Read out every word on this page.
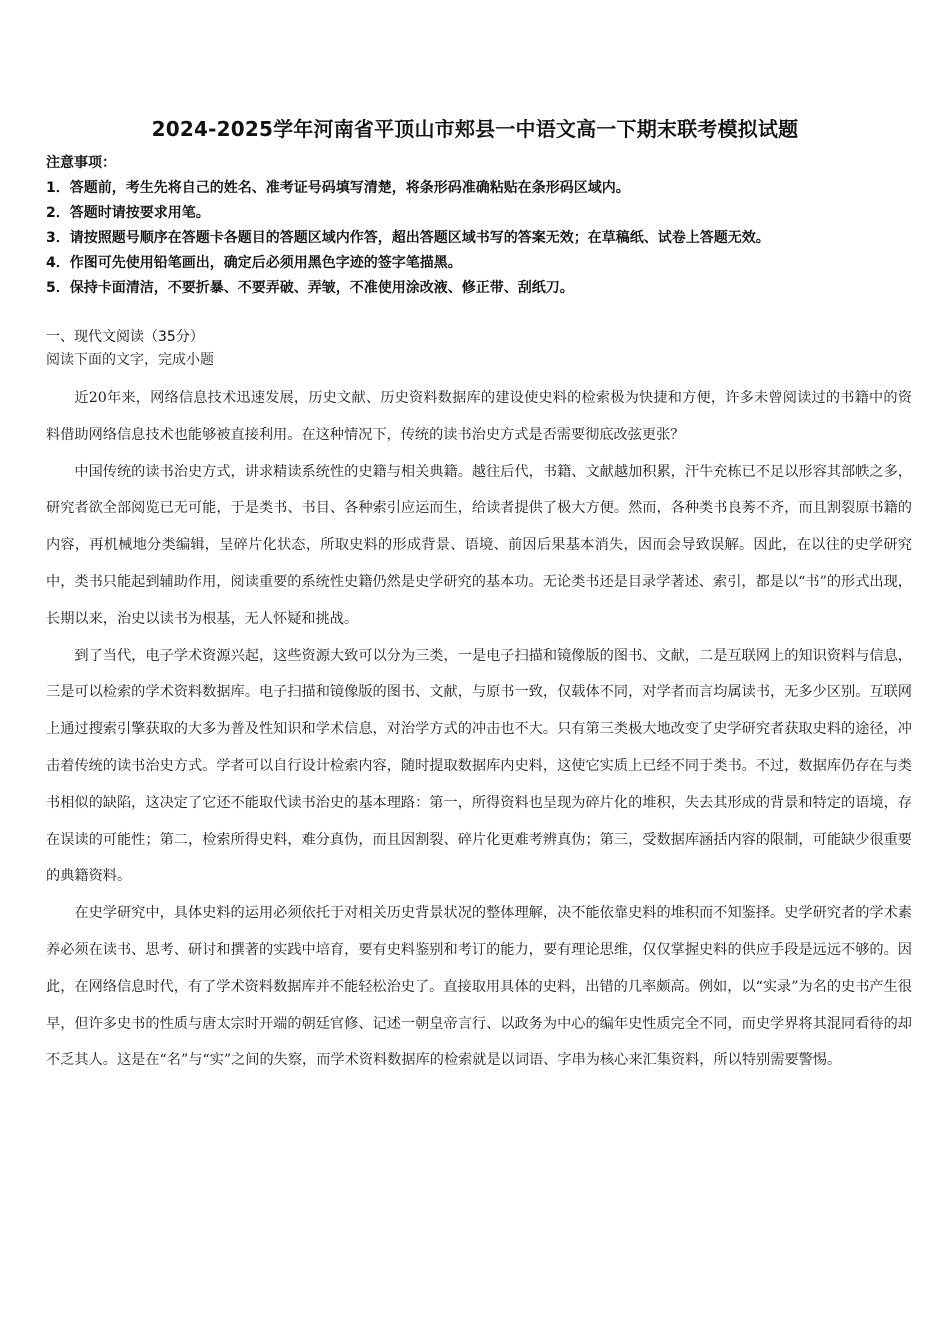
2024-2025学年河南省平顶山市郏县一中语文高一下期末联考模拟试题
注意事项：
1．答题前，考生先将自己的姓名、准考证号码填写清楚，将条形码准确粘贴在条形码区域内。
2．答题时请按要求用笔。
3．请按照题号顺序在答题卡各题目的答题区域内作答，超出答题区域书写的答案无效；在草稿纸、试卷上答题无效。
4．作图可先使用铅笔画出，确定后必须用黑色字迹的签字笔描黑。
5．保持卡面清洁，不要折暴、不要弄破、弄皱，不准使用涂改液、修正带、刮纸刀。
一、现代文阅读（35分）
阅读下面的文字，完成小题

近20年来，网络信息技术迅速发展，历史文献、历史资料数据库的建设使史料的检索极为快捷和方便，许多未曾阅读过的书籍中的资料借助网络信息技术也能够被直接利用。在这种情况下，传统的读书治史方式是否需要彻底改弦更张？

中国传统的读书治史方式，讲求精读系统性的史籍与相关典籍。越往后代，书籍、文献越加积累，汗牛充栋已不足以形容其部帙之多，研究者欲全部阅览已无可能，于是类书、书目、各种索引应运而生，给读者提供了极大方便。然而，各种类书良莠不齐，而且割裂原书籍的内容，再机械地分类编辑，呈碎片化状态，所取史料的形成背景、语境、前因后果基本消失，因而会导致误解。因此，在以往的史学研究中，类书只能起到辅助作用，阅读重要的系统性史籍仍然是史学研究的基本功。无论类书还是目录学著述、索引，都是以“书”的形式出现，长期以来，治史以读书为根基，无人怀疑和挑战。

到了当代，电子学术资源兴起，这些资源大致可以分为三类，一是电子扫描和镜像版的图书、文献，二是互联网上的知识资料与信息，三是可以检索的学术资料数据库。电子扫描和镜像版的图书、文献，与原书一致，仅载体不同，对学者而言均属读书，无多少区别。互联网上通过搜索引擎获取的大多为普及性知识和学术信息，对治学方式的冲击也不大。只有第三类极大地改变了史学研究者获取史料的途径，冲击着传统的读书治史方式。学者可以自行设计检索内容，随时提取数据库内史料，这使它实质上已经不同于类书。不过，数据库仍存在与类书相似的缺陷，这决定了它还不能取代读书治史的基本理路：第一，所得资料也呈现为碎片化的堆积，失去其形成的背景和特定的语境，存在误读的可能性；第二，检索所得史料，难分真伪，而且因割裂、碎片化更难考辨真伪；第三，受数据库涵括内容的限制，可能缺少很重要的典籍资料。

在史学研究中，具体史料的运用必须依托于对相关历史背景状况的整体理解，决不能依靠史料的堆积而不知鉴择。史学研究者的学术素养必须在读书、思考、研讨和撰著的实践中培育，要有史料鉴别和考订的能力，要有理论思维，仅仅掌握史料的供应手段是远远不够的。因此，在网络信息时代，有了学术资料数据库并不能轻松治史了。直接取用具体的史料，出错的几率颇高。例如，以“实录”为名的史书产生很早，但许多史书的性质与唐太宗时开端的朝廷官修、记述一朝皇帝言行、以政务为中心的编年史性质完全不同，而史学界将其混同看待的却不乏其人。这是在“名”与“实”之间的失察，而学术资料数据库的检索就是以词语、字串为核心来汇集资料，所以特别需要警惕。
